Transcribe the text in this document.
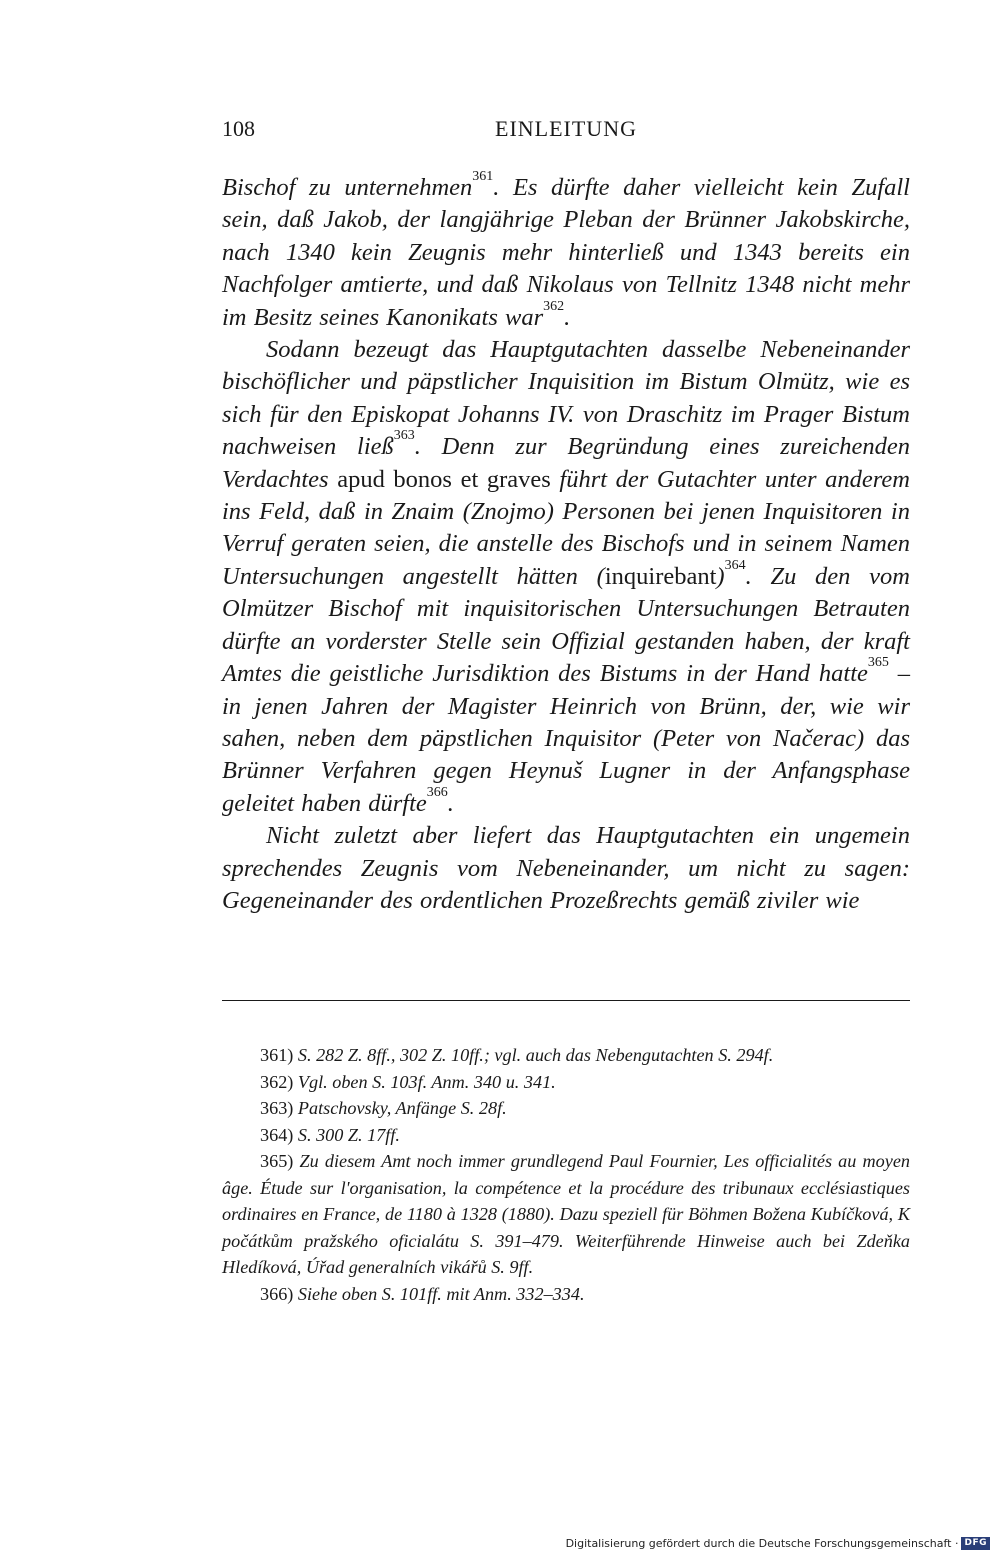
108	EINLEITUNG

Bischof zu unternehmen$^{361}$. Es dürfte daher vielleicht kein Zufall sein, daß Jakob, der langjährige Pleban der Brünner Jakobskirche, nach 1340 kein Zeugnis mehr hinterließ und 1343 bereits ein Nachfolger amtierte, und daß Nikolaus von Tellnitz 1348 nicht mehr im Besitz seines Kanonikats war$^{362}$.

Sodann bezeugt das Hauptgutachten dasselbe Nebeneinander bischöflicher und päpstlicher Inquisition im Bistum Olmütz, wie es sich für den Episkopat Johanns IV. von Draschitz im Prager Bistum nachweisen ließ$^{363}$. Denn zur Begründung eines zureichenden Verdachtes apud bonos et graves führt der Gutachter unter anderem ins Feld, daß in Znaim (Znojmo) Personen bei jenen Inquisitoren in Verruf geraten seien, die anstelle des Bischofs und in seinem Namen Untersuchungen angestellt hätten (inquirebant)$^{364}$. Zu den vom Olmützer Bischof mit inquisitorischen Untersuchungen Betrauten dürfte an vorderster Stelle sein Offizial gestanden haben, der kraft Amtes die geistliche Jurisdiktion des Bistums in der Hand hatte$^{365}$ – in jenen Jahren der Magister Heinrich von Brünn, der, wie wir sahen, neben dem päpstlichen Inquisitor (Peter von Načerac) das Brünner Verfahren gegen Heynuš Lugner in der Anfangsphase geleitet haben dürfte$^{366}$.

Nicht zuletzt aber liefert das Hauptgutachten ein ungemein sprechendes Zeugnis vom Nebeneinander, um nicht zu sagen: Gegeneinander des ordentlichen Prozeßrechts gemäß ziviler wie

361) S. 282 Z. 8ff., 302 Z. 10ff.; vgl. auch das Nebengutachten S. 294f.

362) Vgl. oben S. 103f. Anm. 340 u. 341.

363) Patschovsky, Anfänge S. 28f.

364) S. 300 Z. 17ff.

365) Zu diesem Amt noch immer grundlegend Paul Fournier, Les officialités au moyen âge. Étude sur l'organisation, la compétence et la procédure des tribunaux ecclésiastiques ordinaires en France, de 1180 à 1328 (1880). Dazu speziell für Böhmen Božena Kubíčková, K počátkům pražského oficialátu S. 391–479. Weiterführende Hinweise auch bei Zdeňka Hledíková, Úřad generalních vikářů S. 9ff.

366) Siehe oben S. 101ff. mit Anm. 332–334.

Digitalisierung gefördert durch die Deutsche Forschungsgemeinschaft · DFG
